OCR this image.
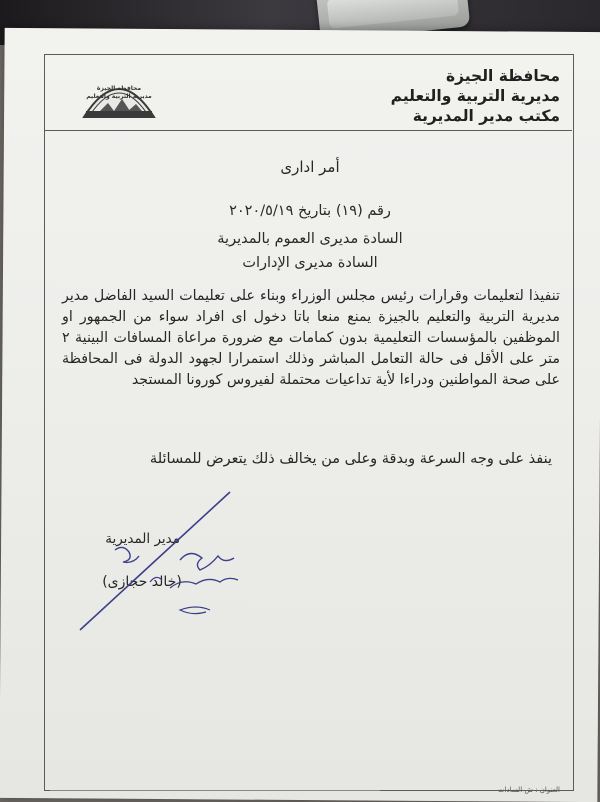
محافظة الجيزة
مديرية التربية والتعليم
مكتب مدير المديرية
محافظة الجيزة
مديرية التربية والتعليم
أمر ادارى
رقم (١٩) بتاريخ ٢٠٢٠/٥/١٩
السادة مديرى العموم بالمديرية
السادة مديرى الإدارات

تنفيذا لتعليمات وقرارات رئيس مجلس الوزراء وبناء على تعليمات السيد الفاضل مدير مديرية التربية والتعليم بالجيزة يمنع منعا باتا دخول اى افراد سواء من الجمهور او الموظفين بالمؤسسات التعليمية بدون كمامات مع ضرورة مراعاة المسافات البينية ٢ متر على الأقل فى حالة التعامل المباشر وذلك استمرارا لجهود الدولة فى المحافظة على صحة المواطنين ودراءا لأية تداعيات محتملة لفيروس كورونا المستجد

ينفذ على وجه السرعة وبدقة وعلى من يخالف ذلك يتعرض للمسائلة
مدير المديرية
(خالد حجازى)
العنوان : ش السادات
